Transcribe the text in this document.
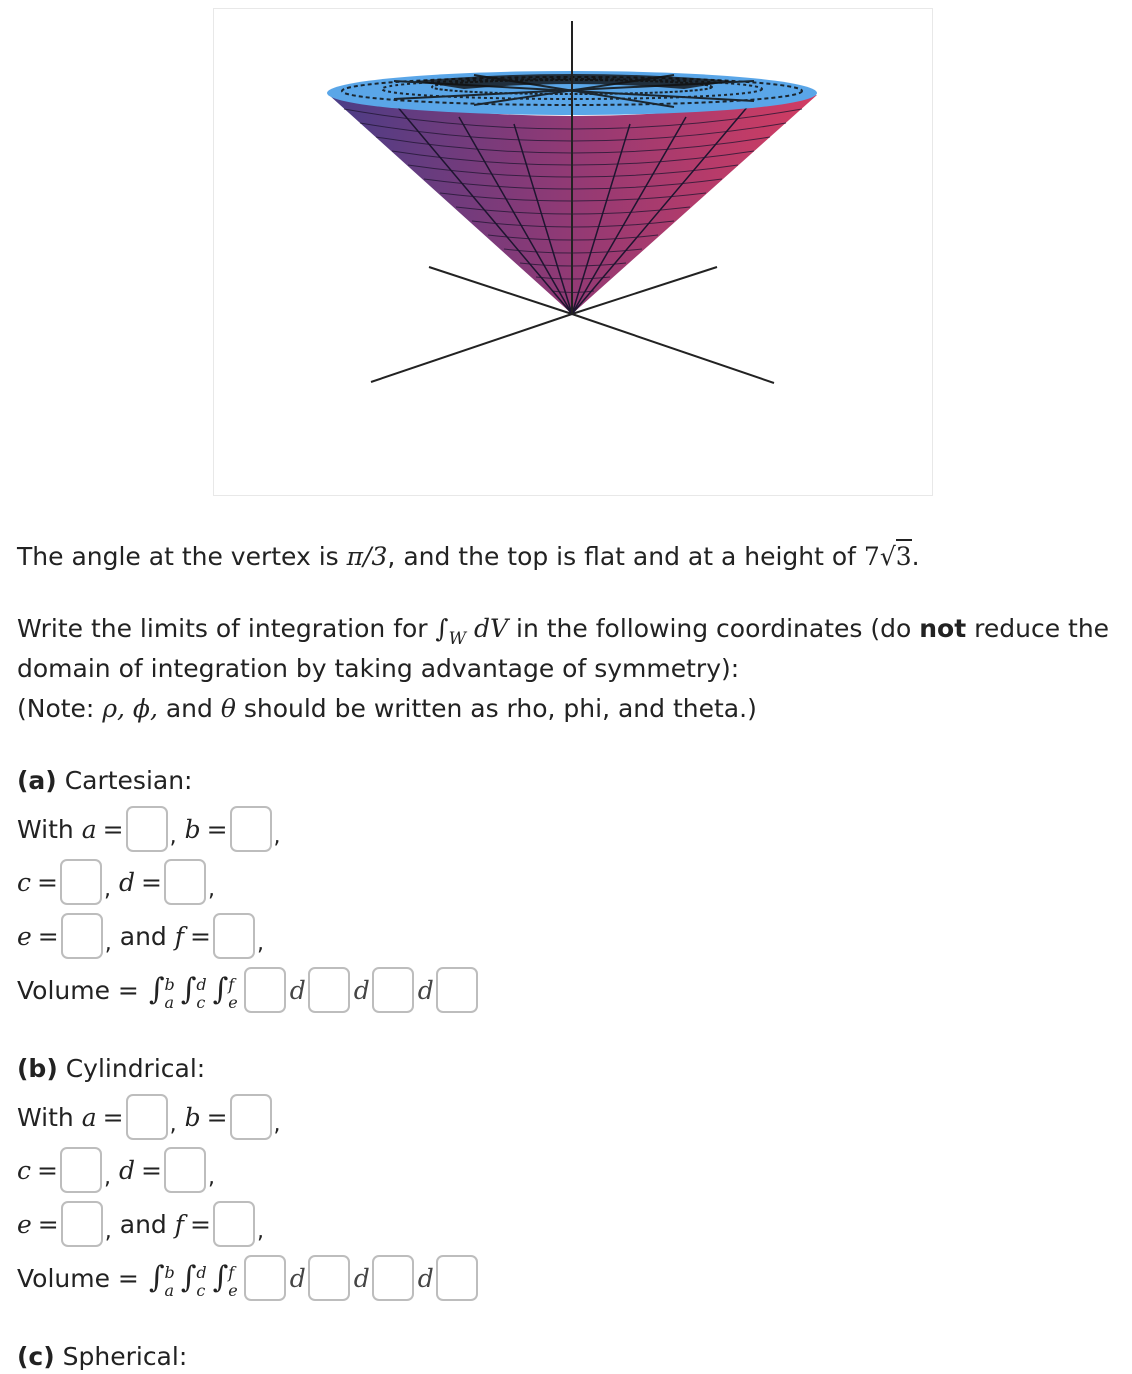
The angle at the vertex is π/3, and the top is flat and at a height of 7√3.
Write the limits of integration for $\int_W$ dV in the following coordinates (do not reduce the
domain of integration by taking advantage of symmetry):
(Note: ρ, ϕ, and θ should be written as rho, phi, and theta.)
(a) Cartesian:
With
a = , b = ,
c = , d = ,
e = , and
f = ,
Volume = ∫ b
a ∫ d
c ∫ f
e d d d
(b) Cylindrical:
With
a = , b = ,
c = , d = ,
e = , and
f = ,
Volume = ∫ b
a ∫ d
c ∫ f
e d d d
(c) Spherical:
